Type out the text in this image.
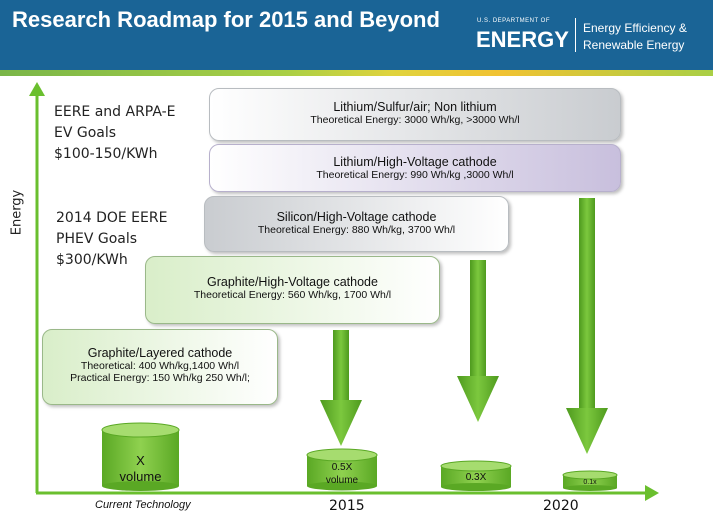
Research Roadmap for 2015 and Beyond	U.S. DEPARTMENT OF
ENERGY Energy Efficiency &
Renewable Energy
Energy
EERE and ARPA-E
EV Goals
$100-150/KWh
2014 DOE EERE
PHEV Goals
$300/KWh
Lithium/Sulfur/air; Non lithium
Theoretical Energy: 3000 Wh/kg, >3000 Wh/l
Lithium/High-Voltage cathode
Theoretical Energy: 990 Wh/kg ,3000 Wh/l
Silicon/High-Voltage cathode
Theoretical Energy: 880 Wh/kg, 3700 Wh/l
Graphite/High-Voltage cathode
Theoretical Energy: 560 Wh/kg, 1700 Wh/l
Graphite/Layered cathode
Theoretical: 400 Wh/kg,1400 Wh/l
Practical Energy: 150 Wh/kg 250 Wh/l;
X
volume
0.5X
volume	0.3X	0.1x
Current Technology	2015	2020
